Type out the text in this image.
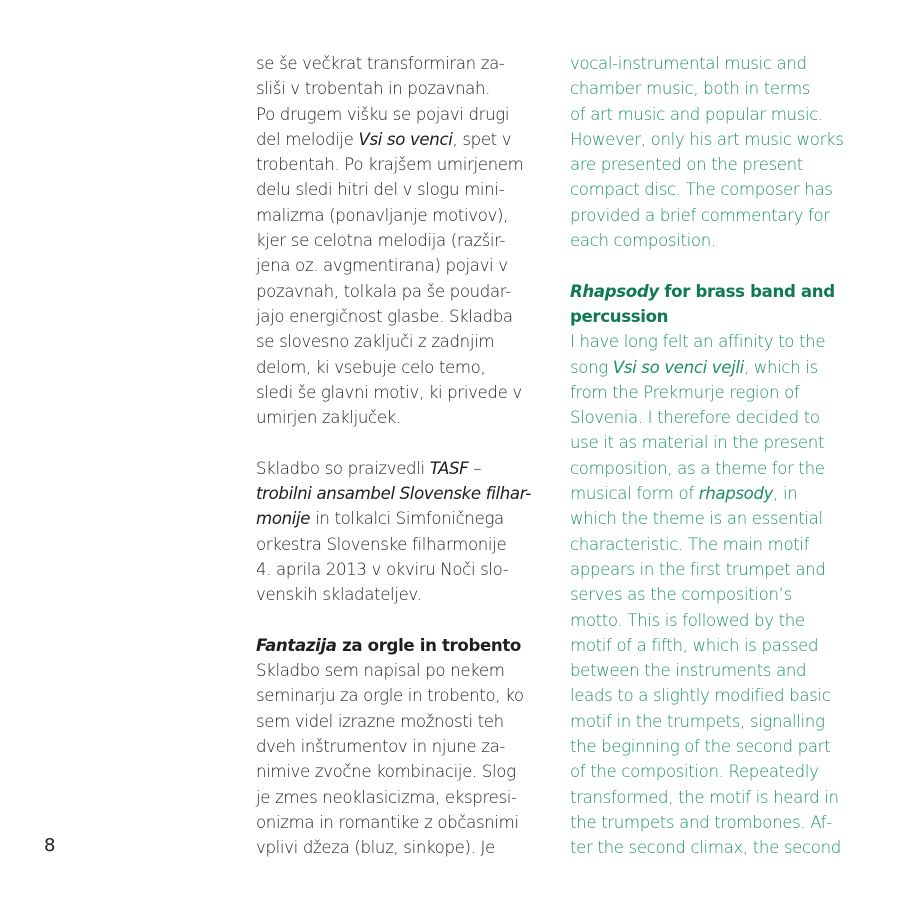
se še večkrat transformiran za-
sliši v trobentah in pozavnah.
Po drugem višku se pojavi drugi
del melodije Vsi so venci, spet v
trobentah. Po krajšem umirjenem
delu sledi hitri del v slogu mini-
malizma (ponavljanje motivov),
kjer se celotna melodija (razšir-
jena oz. avgmentirana) pojavi v
pozavnah, tolkala pa še poudar-
jajo energičnost glasbe. Skladba
se slovesno zaključi z zadnjim
delom, ki vsebuje celo temo,
sledi še glavni motiv, ki privede v
umirjen zaključek.
Skladbo so praizvedli TASF –
trobilni ansambel Slovenske filhar-
monije in tolkalci Simfoničnega
orkestra Slovenske filharmonije
4. aprila 2013 v okviru Noči slo-
venskih skladateljev.
Fantazija za orgle in trobento
Skladbo sem napisal po nekem
seminarju za orgle in trobento, ko
sem videl izrazne možnosti teh
dveh inštrumentov in njune za-
nimive zvočne kombinacije. Slog
je zmes neoklasicizma, ekspresi-
onizma in romantike z občasnimi
vplivi džeza (bluz, sinkope). Je
vocal-instrumental music and
chamber music, both in terms
of art music and popular music.
However, only his art music works
are presented on the present
compact disc. The composer has
provided a brief commentary for
each composition.
Rhapsody for brass band and
percussion
I have long felt an affinity to the
song Vsi so venci vejli, which is
from the Prekmurje region of
Slovenia. I therefore decided to
use it as material in the present
composition, as a theme for the
musical form of rhapsody, in
which the theme is an essential
characteristic. The main motif
appears in the first trumpet and
serves as the composition’s
motto. This is followed by the
motif of a fifth, which is passed
between the instruments and
leads to a slightly modified basic
motif in the trumpets, signalling
the beginning of the second part
of the composition. Repeatedly
transformed, the motif is heard in
the trumpets and trombones. Af-
ter the second climax, the second
8
